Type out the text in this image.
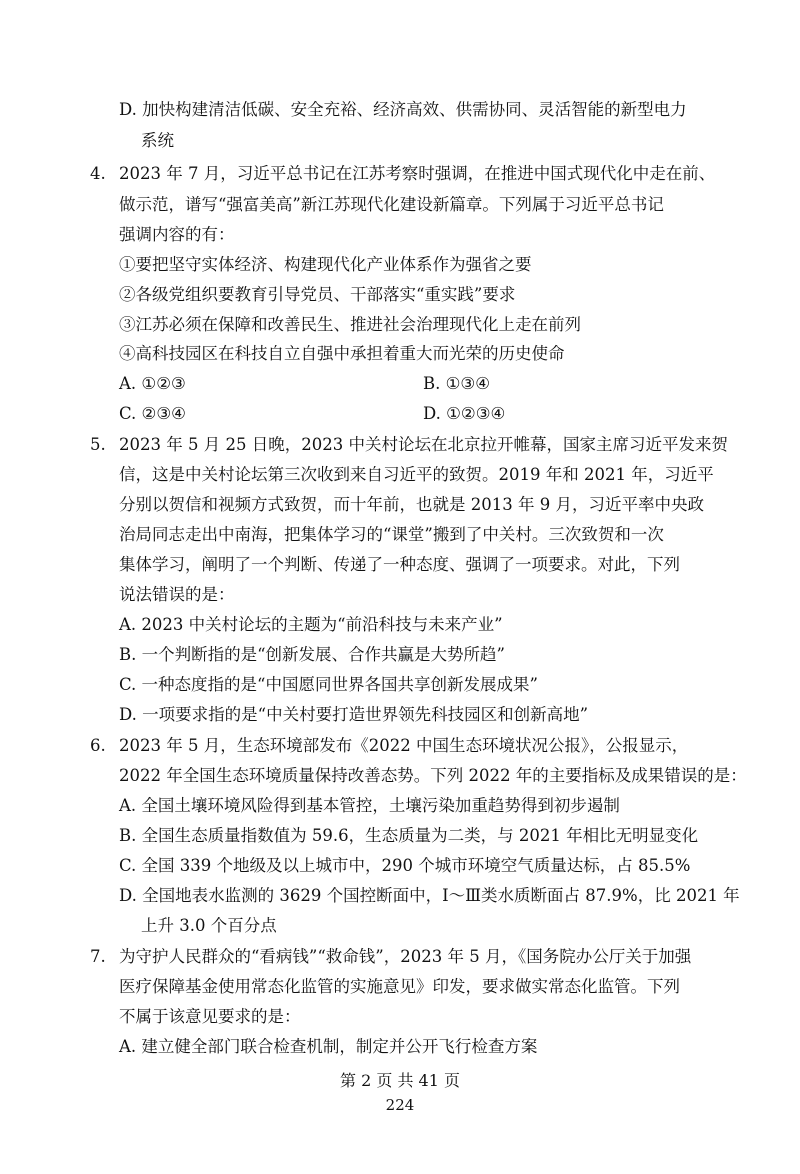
D. 加快构建清洁低碳、安全充裕、经济高效、供需协同、灵活智能的新型电力
系统
4. 2023 年 7 月，习近平总书记在江苏考察时强调，在推进中国式现代化中走在前、
做示范，谱写“强富美高”新江苏现代化建设新篇章。下列属于习近平总书记
强调内容的有：
①要把坚守实体经济、构建现代化产业体系作为强省之要
②各级党组织要教育引导党员、干部落实“重实践”要求
③江苏必须在保障和改善民生、推进社会治理现代化上走在前列
④高科技园区在科技自立自强中承担着重大而光荣的历史使命
A. ①②③	B. ①③④
C. ②③④	D. ①②③④
5. 2023 年 5 月 25 日晚，2023 中关村论坛在北京拉开帷幕，国家主席习近平发来贺
信，这是中关村论坛第三次收到来自习近平的致贺。2019 年和 2021 年，习近平
分别以贺信和视频方式致贺，而十年前，也就是 2013 年 9 月，习近平率中央政
治局同志走出中南海，把集体学习的“课堂”搬到了中关村。三次致贺和一次
集体学习，阐明了一个判断、传递了一种态度、强调了一项要求。对此，下列
说法错误的是：
A. 2023 中关村论坛的主题为“前沿科技与未来产业”
B. 一个判断指的是“创新发展、合作共赢是大势所趋”
C. 一种态度指的是“中国愿同世界各国共享创新发展成果”
D. 一项要求指的是“中关村要打造世界领先科技园区和创新高地”
6. 2023 年 5 月，生态环境部发布《2022 中国生态环境状况公报》，公报显示，
2022 年全国生态环境质量保持改善态势。下列 2022 年的主要指标及成果错误的是：
A. 全国土壤环境风险得到基本管控，土壤污染加重趋势得到初步遏制
B. 全国生态质量指数值为 59.6，生态质量为二类，与 2021 年相比无明显变化
C. 全国 339 个地级及以上城市中，290 个城市环境空气质量达标，占 85.5%
D. 全国地表水监测的 3629 个国控断面中，Ⅰ～Ⅲ类水质断面占 87.9%，比 2021 年
上升 3.0 个百分点
7. 为守护人民群众的“看病钱”“救命钱”，2023 年 5 月，《国务院办公厅关于加强
医疗保障基金使用常态化监管的实施意见》印发，要求做实常态化监管。下列
不属于该意见要求的是：
A. 建立健全部门联合检查机制，制定并公开飞行检查方案
第 2 页 共 41 页
224
